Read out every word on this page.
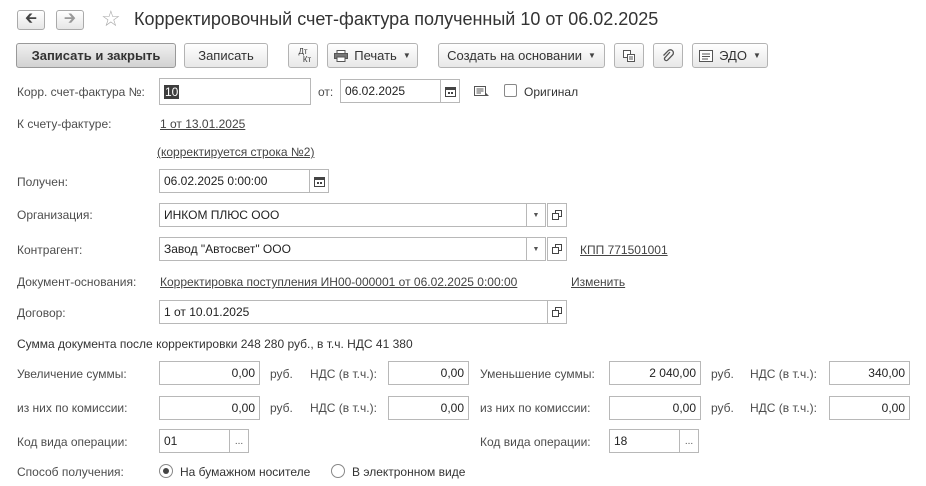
🡰 🡲 ☆ Корректировочный счет-фактура полученный 10 от 06.02.2025
Записать и закрыть	Записать	Дт
Кт	Печать ▼	Создать на основании ▼	ЭДО ▼
Корр. счет-фактура №: 10	от: 06.02.2025	Оригинал
К счету-фактуре:	1 от 13.01.2025
(корректируется строка №2)
Получен:	06.02.2025 0:00:00
Организация:	ИНКОМ ПЛЮС ООО	▼
Контрагент:	Завод "Автосвет" ООО	▼	КПП 771501001
Документ-основания: Корректировка поступления ИН00-000001 от 06.02.2025 0:00:00	Изменить
Договор:	1 от 10.01.2025
Сумма документа после корректировки 248 280 руб., в т.ч. НДС 41 380
Увеличение суммы:	0,00	руб. НДС (в т.ч.):	0,00	Уменьшение суммы:	2 040,00	руб. НДС (в т.ч.):	340,00
из них по комиссии:	0,00	руб. НДС (в т.ч.):	0,00	из них по комиссии:	0,00	руб. НДС (в т.ч.):	0,00
Код вида операции:	01	...	Код вида операции:	18	...
Способ получения:	На бумажном носителе	В электронном виде
